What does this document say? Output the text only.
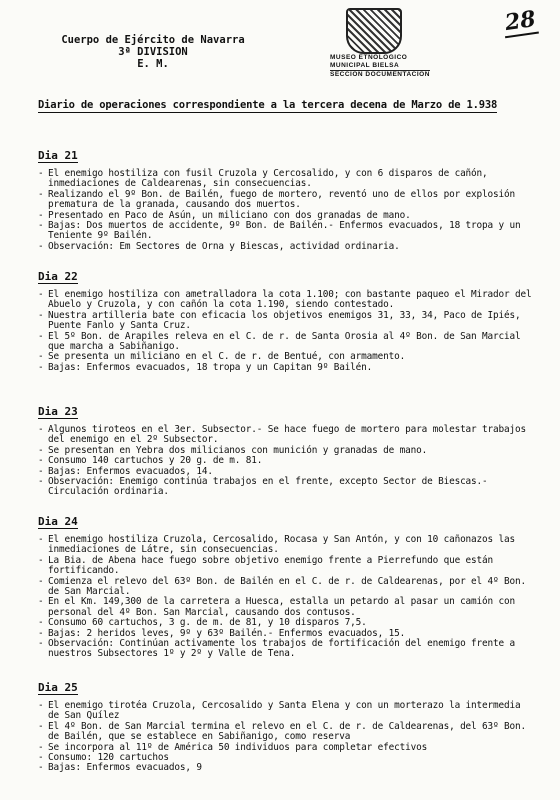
Cuerpo de Ejército de Navarra
3ª DIVISION
E. M.
MUSEO ETNOLOGICO
MUNICIPAL BIELSA
SECCION DOCUMENTACION
28
Diario de operaciones correspondiente a la tercera decena de Marzo de 1.938
Dia 21
- El enemigo hostiliza con fusil Cruzola y Cercosalido, y con 6 disparos de cañón, inmediaciones de Caldearenas, sin consecuencias.
- Realizando el 9º Bon. de Bailén, fuego de mortero, reventó uno de ellos por explosión prematura de la granada, causando dos muertos.
- Presentado en Paco de Asún, un miliciano con dos granadas de mano.
- Bajas: Dos muertos de accidente, 9º Bon. de Bailén.- Enfermos evacuados, 18 tropa y un Teniente 9º Bailén.
- Observación: Em Sectores de Orna y Biescas, actividad ordinaria.
Dia 22
- El enemigo hostiliza con ametralladora la cota 1.100; con bastante paqueo el Mirador del Abuelo y Cruzola, y con cañón la cota 1.190, siendo contestado.
- Nuestra artilleria bate con eficacia los objetivos enemigos 31, 33, 34, Paco de Ipiés, Puente Fanlo y Santa Cruz.
- El 5º Bon. de Arapiles releva en el C. de r. de Santa Orosia al 4º Bon. de San Marcial que marcha a Sabiñanigo.
- Se presenta un miliciano en el C. de r. de Bentué, con armamento.
- Bajas: Enfermos evacuados, 18 tropa y un Capitan 9º Bailén.
Dia 23
- Algunos tiroteos en el 3er. Subsector.- Se hace fuego de mortero para molestar trabajos del enemigo en el 2º Subsector.
- Se presentan en Yebra dos milicianos con munición y granadas de mano.
- Consumo 140 cartuchos y 20 g. de m. 81.
- Bajas: Enfermos evacuados, 14.
- Observación: Enemigo continúa trabajos en el frente, excepto Sector de Biescas.- Circulación ordinaria.
Dia 24
- El enemigo hostiliza Cruzola, Cercosalido, Rocasa y San Antón, y con 10 cañonazos las inmediaciones de Látre, sin consecuencias.
- La Bia. de Abena hace fuego sobre objetivo enemigo frente a Pierrefundo que están fortificando.
- Comienza el relevo del 63º Bon. de Bailén en el C. de r. de Caldearenas, por el 4º Bon. de San Marcial.
- En el Km. 149,300 de la carretera a Huesca, estalla un petardo al pasar un camión con personal del 4º Bon. San Marcial, causando dos contusos.
- Consumo 60 cartuchos, 3 g. de m. de 81, y 10 disparos 7,5.
- Bajas: 2 heridos leves, 9º y 63º Bailén.- Enfermos evacuados, 15.
- Observación: Continúan activamente los trabajos de fortificación del enemigo frente a nuestros Subsectores 1º y 2º y Valle de Tena.
Dia 25
- El enemigo tirotéa Cruzola, Cercosalido y Santa Elena y con un morterazo la intermedia de San Quílez
- El 4º Bon. de San Marcial termina el relevo en el C. de r. de Caldearenas, del 63º Bon. de Bailén, que se establece en Sabiñanigo, como reserva
- Se incorpora al 11º de América 50 individuos para completar efectivos
- Consumo: 120 cartuchos
- Bajas: Enfermos evacuados, 9
